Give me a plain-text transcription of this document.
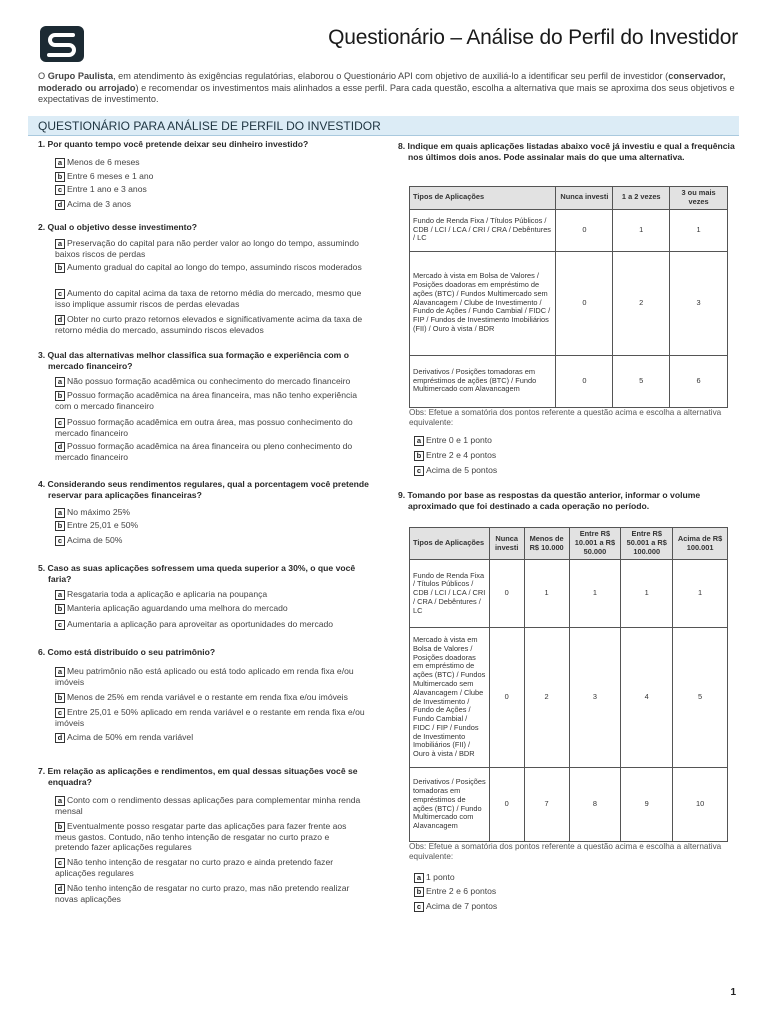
Questionário – Análise do Perfil do Investidor
O Grupo Paulista, em atendimento às exigências regulatórias, elaborou o Questionário API com objetivo de auxiliá-lo a identificar seu perfil de investidor (conservador, moderado ou arrojado) e recomendar os investimentos mais alinhados a esse perfil. Para cada questão, escolha a alternativa que mais se aproxima dos seus objetivos e expectativas de investimento.
QUESTIONÁRIO PARA ANÁLISE DE PERFIL DO INVESTIDOR
1. Por quanto tempo você pretende deixar seu dinheiro investido?
a Menos de 6 meses
b Entre 6 meses e 1 ano
c Entre 1 ano e 3 anos
d Acima de 3 anos
2. Qual o objetivo desse investimento?
a Preservação do capital para não perder valor ao longo do tempo, assumindo baixos riscos de perdas
b Aumento gradual do capital ao longo do tempo, assumindo riscos moderados
c Aumento do capital acima da taxa de retorno média do mercado, mesmo que isso implique assumir riscos de perdas elevadas
d Obter no curto prazo retornos elevados e significativamente acima da taxa de retorno média do mercado, assumindo riscos elevados
3. Qual das alternativas melhor classifica sua formação e experiência com o mercado financeiro?
a Não possuo formação acadêmica ou conhecimento do mercado financeiro
b Possuo formação acadêmica na área financeira, mas não tenho experiência com o mercado financeiro
c Possuo formação acadêmica em outra área, mas possuo conhecimento do mercado financeiro
d Possuo formação acadêmica na área financeira ou pleno conhecimento do mercado financeiro
4. Considerando seus rendimentos regulares, qual a porcentagem você pretende reservar para aplicações financeiras?
a No máximo 25%
b Entre 25,01 e 50%
c Acima de 50%
5. Caso as suas aplicações sofressem uma queda superior a 30%, o que você faria?
a Resgataria toda a aplicação e aplicaria na poupança
b Manteria aplicação aguardando uma melhora do mercado
c Aumentaria a aplicação para aproveitar as oportunidades do mercado
6. Como está distribuído o seu patrimônio?
a Meu patrimônio não está aplicado ou está todo aplicado em renda fixa e/ou imóveis
b Menos de 25% em renda variável e o restante em renda fixa e/ou imóveis
c Entre 25,01 e 50% aplicado em renda variável e o restante em renda fixa e/ou imóveis
d Acima de 50% em renda variável
7. Em relação as aplicações e rendimentos, em qual dessas situações você se enquadra?
a Conto com o rendimento dessas aplicações para complementar minha renda mensal
b Eventualmente posso resgatar parte das aplicações para fazer frente aos meus gastos. Contudo, não tenho intenção de resgatar no curto prazo e pretendo fazer aplicações regulares
c Não tenho intenção de resgatar no curto prazo e ainda pretendo fazer aplicações regulares
d Não tenho intenção de resgatar no curto prazo, mas não pretendo realizar novas aplicações
8. Indique em quais aplicações listadas abaixo você já investiu e qual a frequência nos últimos dois anos. Pode assinalar mais do que uma alternativa.
Tipos de Aplicações	Nunca investi	1 a 2 vezes	3 ou mais vezes
Fundo de Renda Fixa / Títulos Públicos / CDB / LCI / LCA / CRI / CRA / Debêntures / LC	0	1	1
Mercado à vista em Bolsa de Valores / Posições doadoras em empréstimo de ações (BTC) / Fundos Multimercado sem Alavancagem / Clube de Investimento / Fundo de Ações / Fundo Cambial / FIDC / FIP / Fundos de Investimento Imobiliários (FII) / Ouro à vista / BDR	0	2	3
Derivativos / Posições tomadoras em empréstimos de ações (BTC) / Fundo Multimercado com Alavancagem	0	5	6
Obs: Efetue a somatória dos pontos referente a questão acima e escolha a alternativa equivalente:
a Entre 0 e 1 ponto
b Entre 2 e 4 pontos
c Acima de 5 pontos
9. Tomando por base as respostas da questão anterior, informar o volume aproximado que foi destinado a cada operação no período.
Tipos de Aplicações	Nunca investi	Menos de R$ 10.000	Entre R$ 10.001 a R$ 50.000	Entre R$ 50.001 a R$ 100.000	Acima de R$ 100.001
Fundo de Renda Fixa / Títulos Públicos / CDB / LCI / LCA / CRI / CRA / Debêntures / LC	0	1	1	1	1
Mercado à vista em Bolsa de Valores / Posições doadoras em empréstimo de ações (BTC) / Fundos Multimercado sem Alavancagem / Clube de Investimento / Fundo de Ações / Fundo Cambial / FIDC / FIP / Fundos de Investimento Imobiliários (FII) / Ouro à vista / BDR	0	2	3	4	5
Derivativos / Posições tomadoras em empréstimos de ações (BTC) / Fundo Multimercado com Alavancagem	0	7	8	9	10
Obs: Efetue a somatória dos pontos referente a questão acima e escolha a alternativa equivalente:
a 1 ponto
b Entre 2 e 6 pontos
c Acima de 7 pontos
1
